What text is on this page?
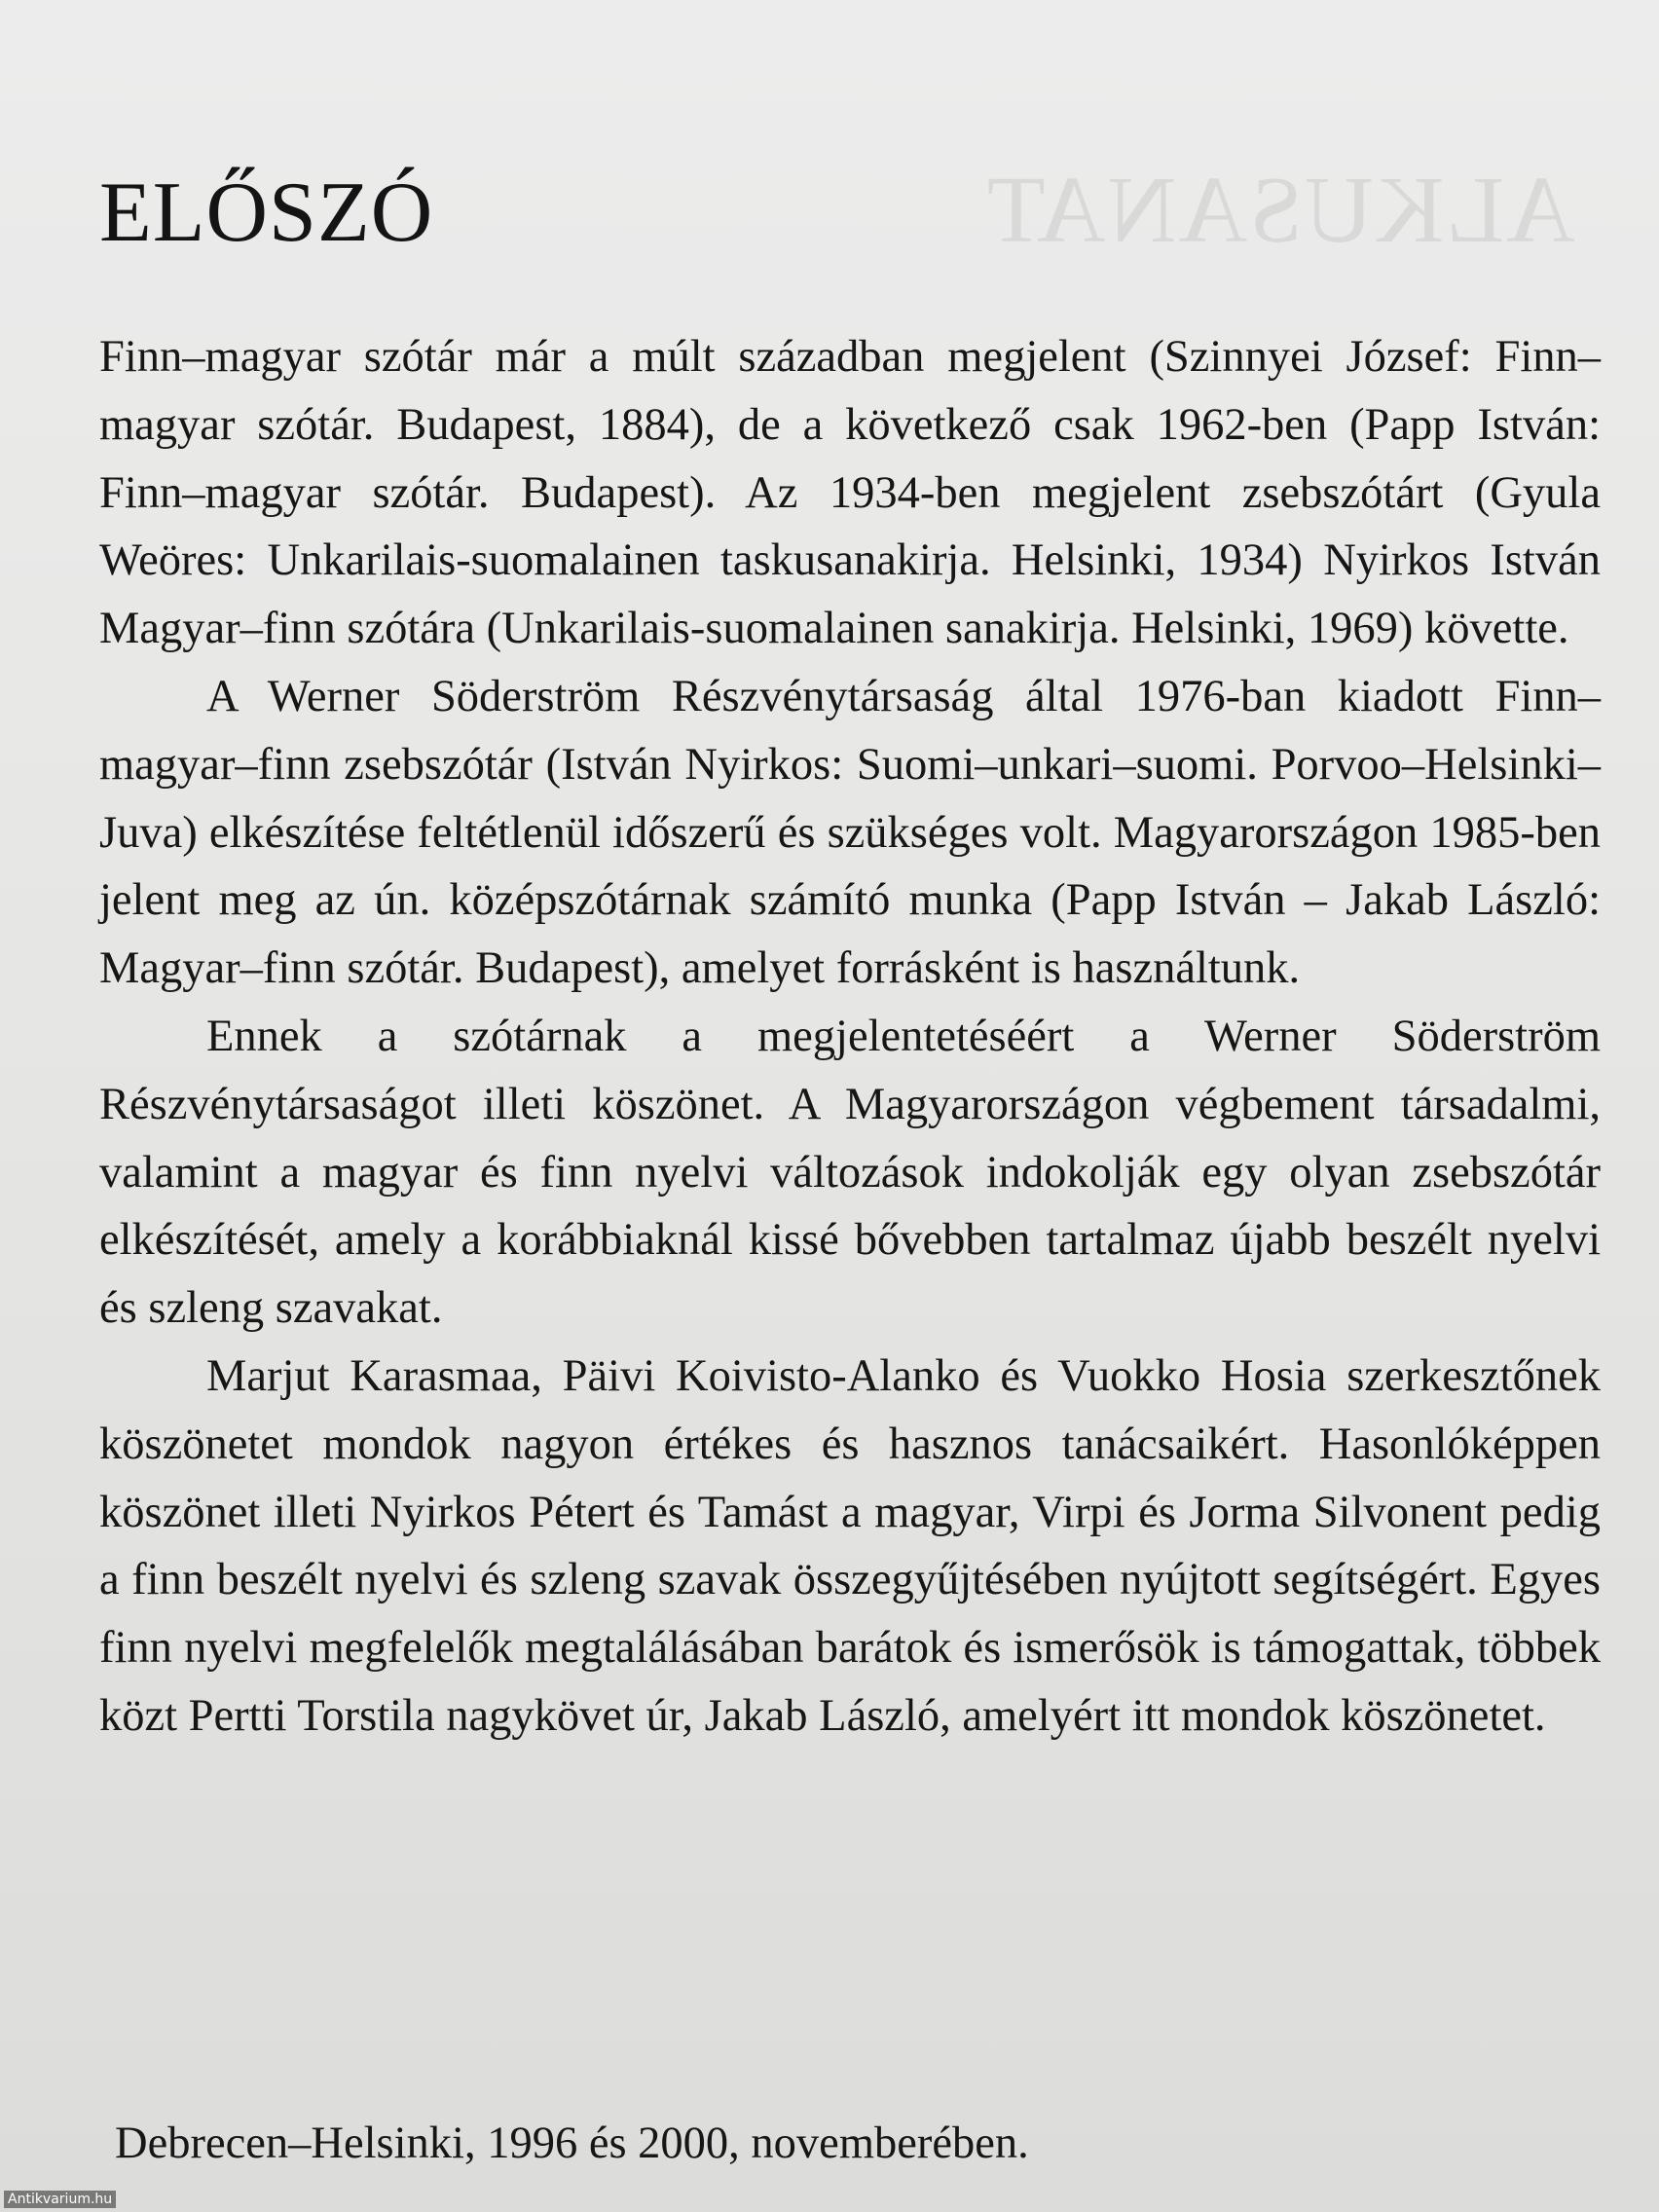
ALKUSANAT
ELŐSZÓ

Finn–magyar szótár már a múlt században megjelent (Szinnyei József: Finn–magyar szótár. Budapest, 1884), de a következő csak 1962-ben (Papp István: Finn–magyar szótár. Budapest). Az 1934-ben megjelent zsebszótárt (Gyula Weöres: Unkarilais-suomalainen taskusanakirja. Helsinki, 1934) Nyirkos István Magyar–finn szótára (Unkarilais-suomalainen sanakirja. Helsinki, 1969) követte.

A Werner Söderström Részvénytársaság által 1976-ban kiadott Finn–magyar–finn zsebszótár (István Nyirkos: Suomi–unkari–suomi. Porvoo–Helsinki–Juva) elkészítése feltétlenül időszerű és szükséges volt. Magyarországon 1985-ben jelent meg az ún. középszótárnak számító munka (Papp István – Jakab László: Magyar–finn szótár. Budapest), amelyet forrásként is használtunk.

Ennek a szótárnak a megjelentetéséért a Werner Söderström Részvénytársaságot illeti köszönet. A Magyarországon végbement társadalmi, valamint a magyar és finn nyelvi változások indokolják egy olyan zsebszótár elkészítését, amely a korábbiaknál kissé bővebben tartalmaz újabb beszélt nyelvi és szleng szavakat.

Marjut Karasmaa, Päivi Koivisto-Alanko és Vuokko Hosia szerkesztőnek köszönetet mondok nagyon értékes és hasznos tanácsaikért. Hasonlóképpen köszönet illeti Nyirkos Pétert és Tamást a magyar, Virpi és Jorma Silvonent pedig a finn beszélt nyelvi és szleng szavak összegyűjtésében nyújtott segítségért. Egyes finn nyelvi megfelelők megtalálásában barátok és ismerősök is támogattak, többek közt Pertti Torstila nagykövet úr, Jakab László, amelyért itt mondok köszönetet.

Debrecen–Helsinki, 1996 és 2000, novemberében.

Antikvarium.hu
